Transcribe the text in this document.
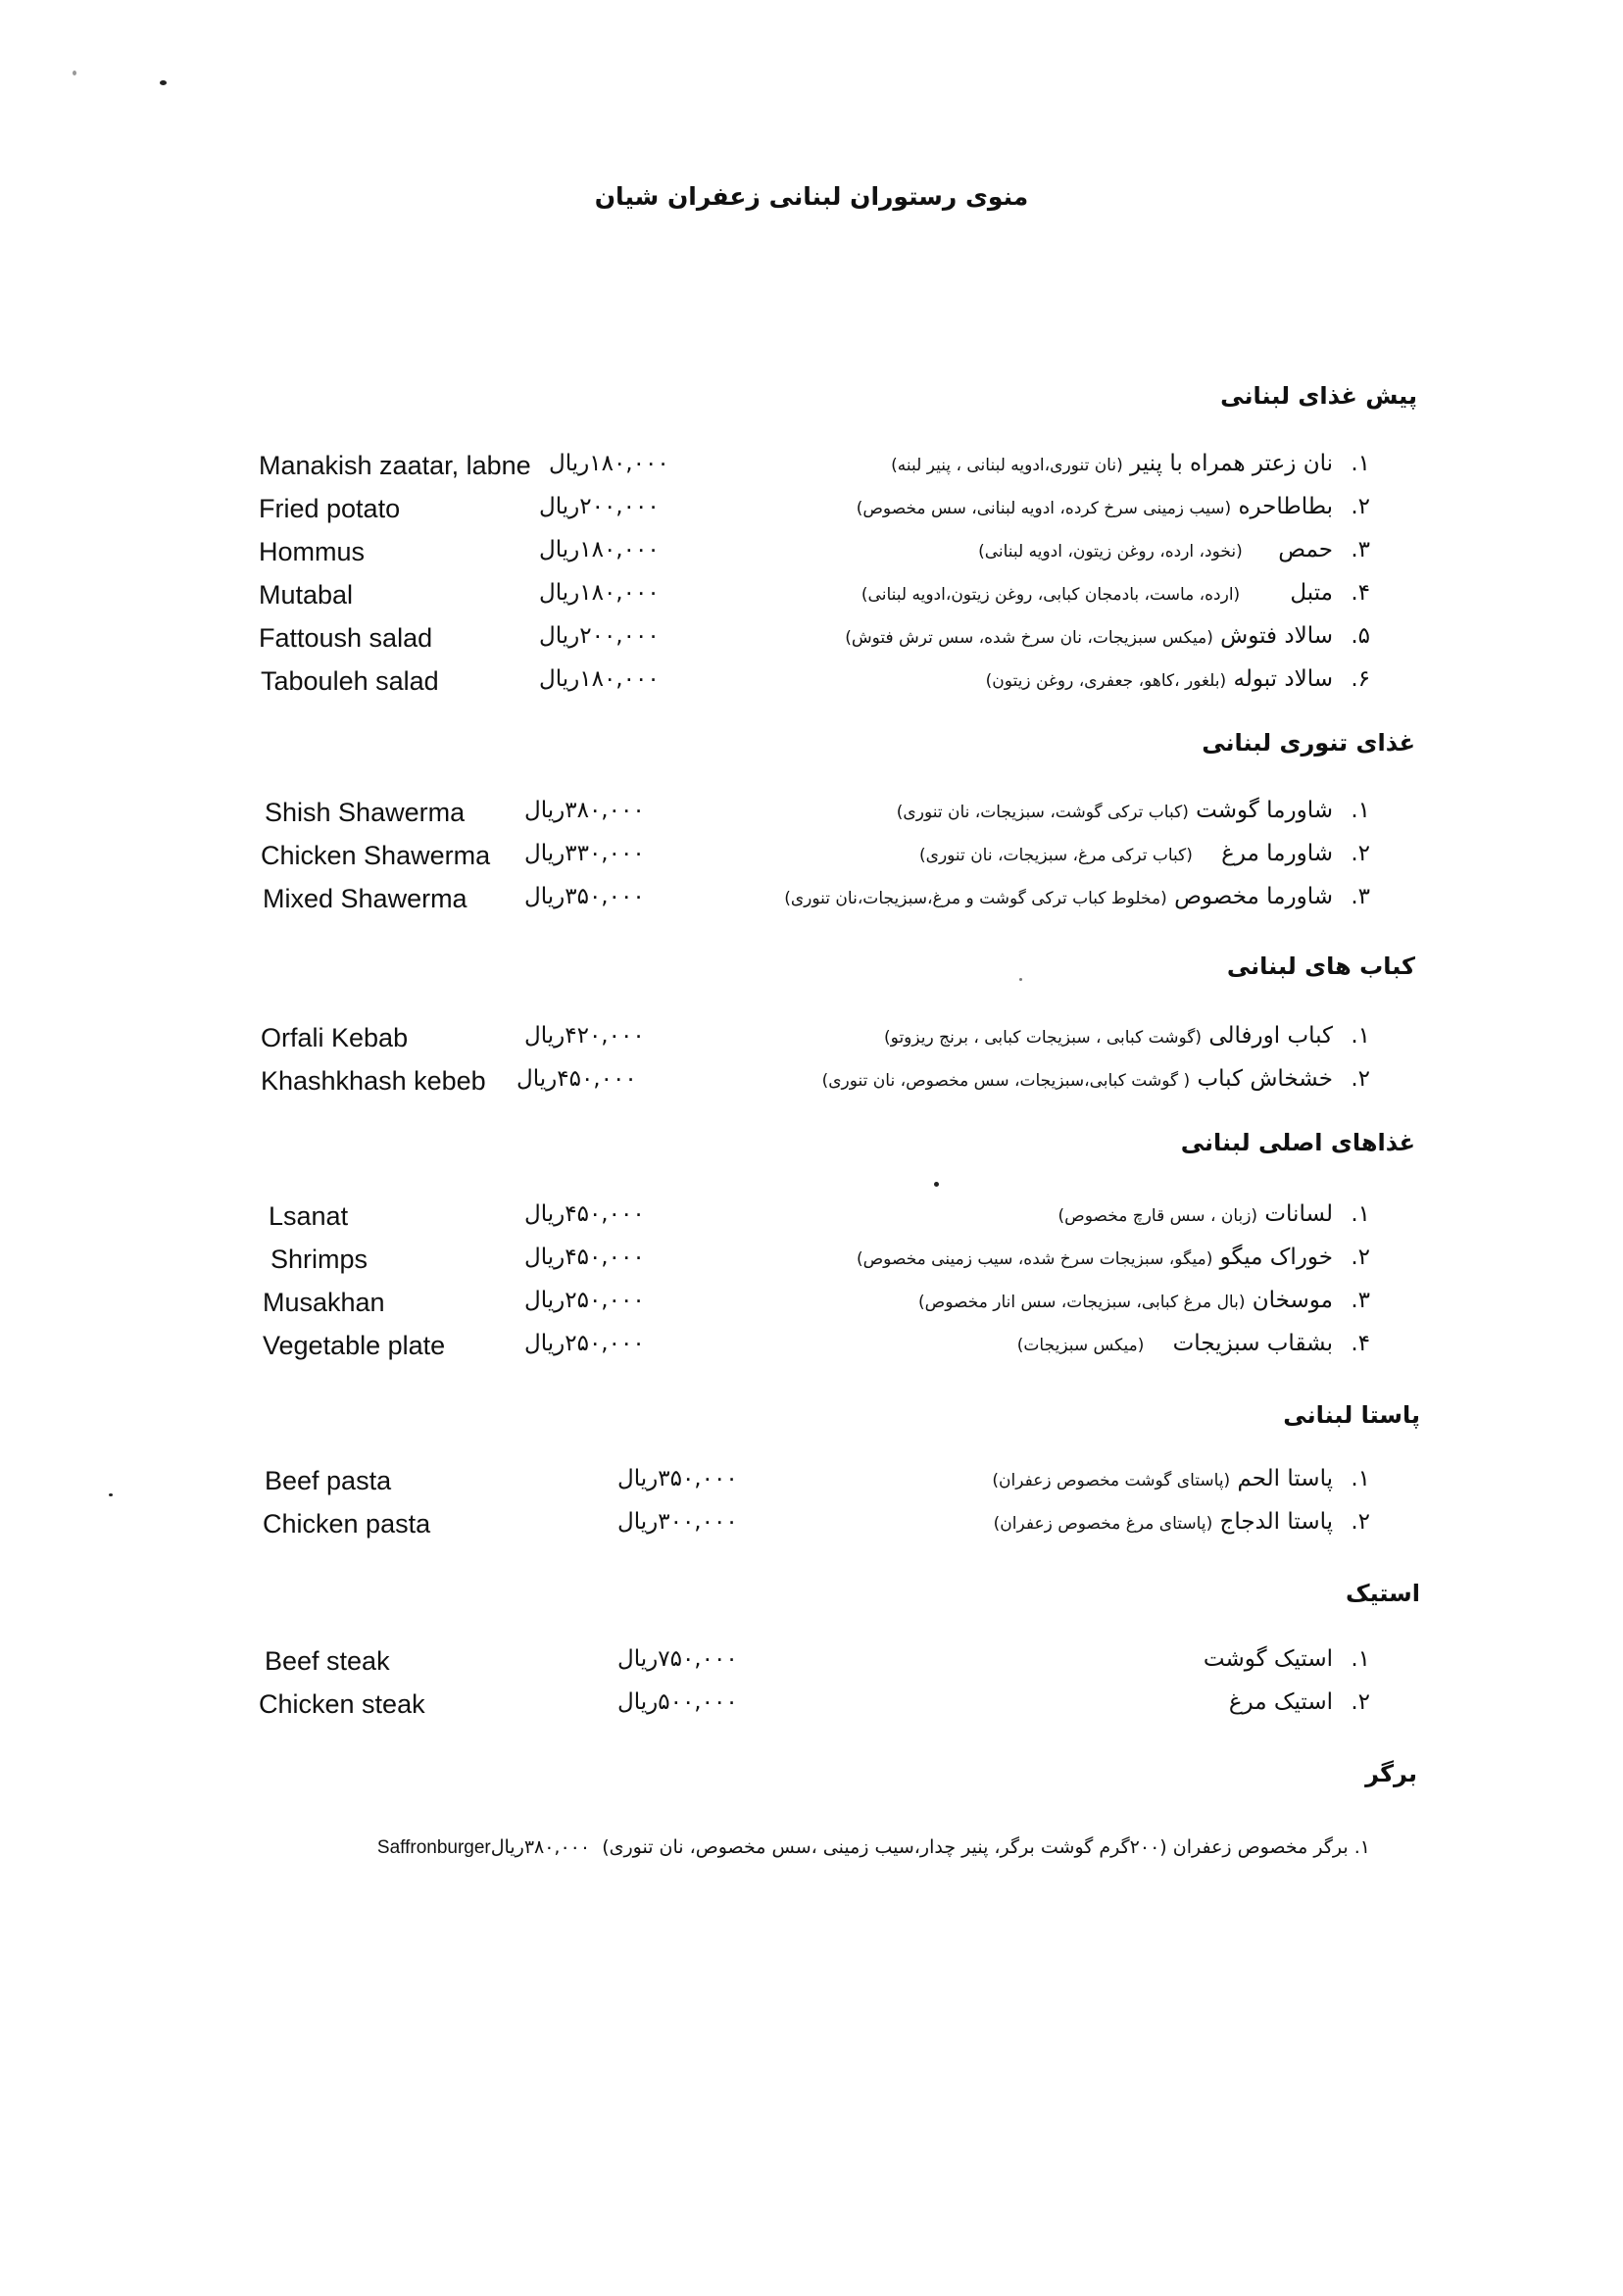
منوی رستوران لبنانی زعفران شیان
پیش غذای لبنانی
Manakish zaatar, labne ۱۸۰,۰۰۰ریال	نان زعتر همراه با پنیر (نان تنوری،ادویه لبنانی ، پنیر لبنه)	۱.
Fried potato	۲۰۰,۰۰۰ریال	بطاطاحره (سیب زمینی سرخ کرده، ادویه لبنانی، سس مخصوص)	۲.
Hommus	۱۸۰,۰۰۰ریال	حمص     (نخود، ارده، روغن زیتون، ادویه لبنانی)	۳.
Mutabal	۱۸۰,۰۰۰ریال	متبل       (ارده، ماست، بادمجان کبابی، روغن زیتون،ادویه لبنانی)	۴.
Fattoush salad	۲۰۰,۰۰۰ریال	سالاد فتوش (میکس سبزیجات، نان سرخ شده، سس ترش فتوش)	۵.
Tabouleh salad	۱۸۰,۰۰۰ریال	سالاد تبوله (بلغور ،کاهو، جعفری، روغن زیتون)	۶.
غذای تنوری لبنانی
Shish Shawerma	۳۸۰,۰۰۰ریال	شاورما گوشت (کباب ترکی گوشت، سبزیجات، نان تنوری)	۱.
Chicken Shawerma ۳۳۰,۰۰۰ریال	شاورما مرغ    (کباب ترکی مرغ، سبزیجات، نان تنوری)	۲.
Mixed Shawerma	۳۵۰,۰۰۰ریال	شاورما مخصوص (مخلوط کباب ترکی گوشت و مرغ،سبزیجات،نان تنوری)	۳.
کباب های لبنانی
Orfali Kebab	۴۲۰,۰۰۰ریال	کباب اورفالی (گوشت کبابی ، سبزیجات کبابی ، برنج ریزوتو)	۱.
Khashkhash kebeb ۴۵۰,۰۰۰ریال	خشخاش کباب ( گوشت کبابی،سبزیجات، سس مخصوص، نان تنوری)	۲.
غذاهای اصلی لبنانی
Lsanat	۴۵۰,۰۰۰ریال	لسانات (زبان ، سس قارچ مخصوص)	۱.
Shrimps	۴۵۰,۰۰۰ریال	خوراک میگو (میگو، سبزیجات سرخ شده، سیب زمینی مخصوص)	۲.
Musakhan	۲۵۰,۰۰۰ریال	موسخان (بال مرغ کبابی، سبزیجات، سس انار مخصوص)	۳.
Vegetable plate	۲۵۰,۰۰۰ریال	بشقاب سبزیجات    (میکس سبزیجات)	۴.
پاستا لبنانی
Beef pasta	۳۵۰,۰۰۰ریال	پاستا الحم (پاستای گوشت مخصوص زعفران)	۱.
Chicken pasta	۳۰۰,۰۰۰ریال	پاستا الدجاج (پاستای مرغ مخصوص زعفران)	۲.
استیک
Beef steak	۷۵۰,۰۰۰ریال	استیک گوشت ۱.
Chicken steak	۵۰۰,۰۰۰ریال	استیک مرغ ۲.
برگر
۱. برگر مخصوص زعفران (۲۰۰گرم گوشت برگر، پنیر چدار،سیب زمینی ،سس مخصوص، نان تنوری)  ۳۸۰,۰۰۰ریالSaffronburger
